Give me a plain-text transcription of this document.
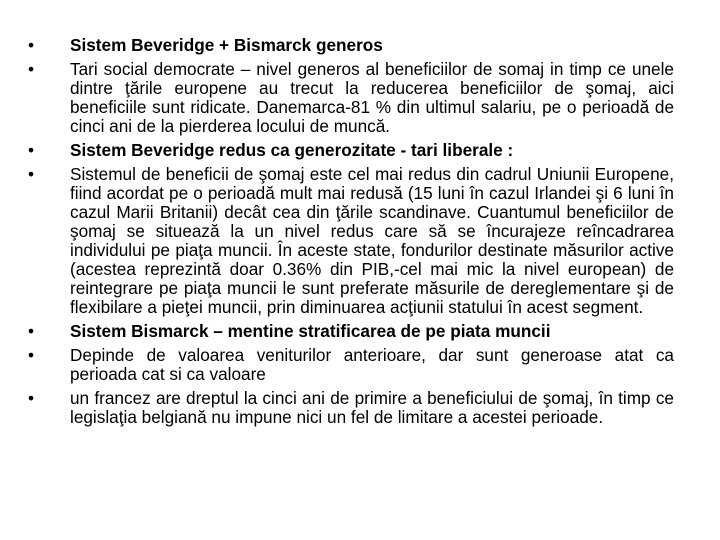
• Sistem Beveridge + Bismarck generos
• Tari social democrate – nivel generos al beneficiilor de somaj in timp ce unele dintre ţările europene au trecut la reducerea beneficiilor de şomaj, aici beneficiile sunt ridicate. Danemarca-81 % din ultimul salariu, pe o perioadă de cinci ani de la pierderea locului de muncă.
• Sistem Beveridge redus ca generozitate - tari liberale :
• Sistemul de beneficii de şomaj este cel mai redus din cadrul Uniunii Europene, fiind acordat pe o perioadă mult mai redusă (15 luni în cazul Irlandei şi 6 luni în cazul Marii Britanii) decât cea din ţările scandinave. Cuantumul beneficiilor de şomaj se situează la un nivel redus care să se încurajeze reîncadrarea individului pe piaţa muncii. În aceste state, fondurilor destinate măsurilor active (acestea reprezintă doar 0.36% din PIB,-cel mai mic la nivel european) de reintegrare pe piaţa muncii le sunt preferate măsurile de dereglementare şi de flexibilare a pieţei muncii, prin diminuarea acţiunii statului în acest segment.
• Sistem Bismarck – mentine stratificarea de pe piata muncii
• Depinde de valoarea veniturilor anterioare, dar sunt generoase atat ca perioada cat si ca valoare
• un francez are dreptul la cinci ani de primire a beneficiului de şomaj, în timp ce legislaţia belgiană nu impune nici un fel de limitare a acestei perioade.
